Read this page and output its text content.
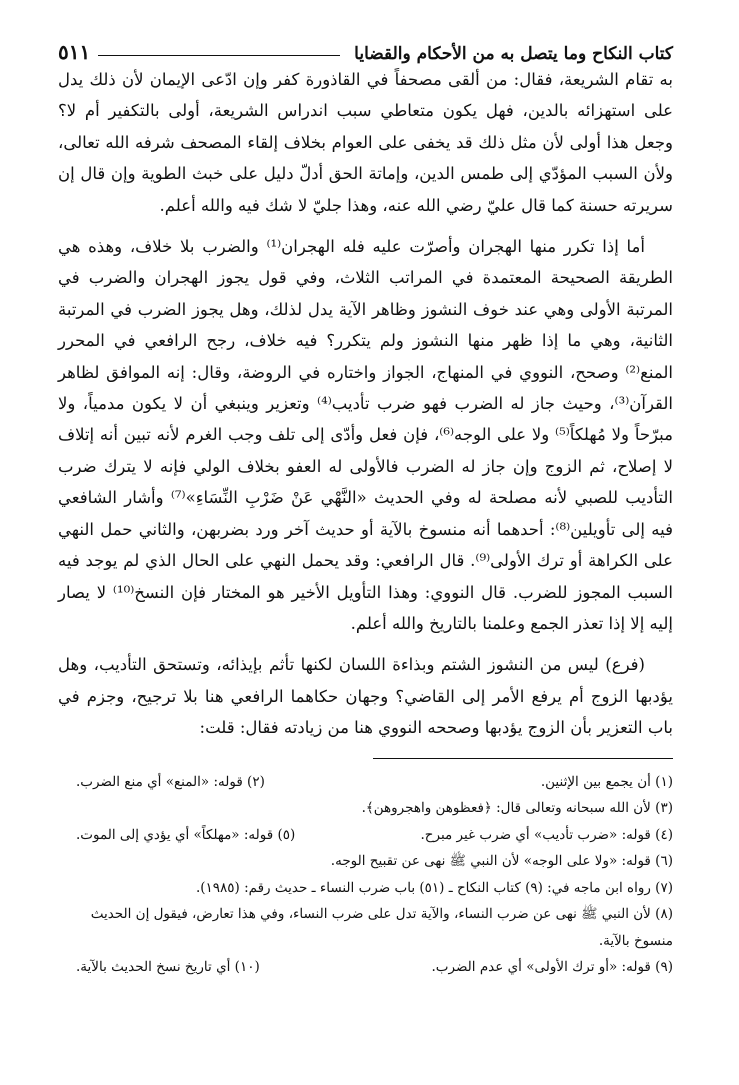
كتاب النكاح وما يتصل به من الأحكام والقضايا
٥١١

به تقام الشريعة، فقال: من ألقى مصحفاً في القاذورة كفر وإن ادّعى الإيمان لأن ذلك يدل على استهزائه بالدين، فهل يكون متعاطي سبب اندراس الشريعة، أولى بالتكفير أم لا؟ وجعل هذا أولى لأن مثل ذلك قد يخفى على العوام بخلاف إلقاء المصحف شرفه الله تعالى، ولأن السبب المؤدّي إلى طمس الدين، وإماتة الحق أدلّ دليل على خبث الطوية وإن قال إن سريرته حسنة كما قال عليّ رضي الله عنه، وهذا جليّ لا شك فيه والله أعلم.

أما إذا تكرر منها الهجران وأصرّت عليه فله الهجران⁽¹⁾ والضرب بلا خلاف، وهذه هي الطريقة الصحيحة المعتمدة في المراتب الثلاث، وفي قول يجوز الهجران والضرب في المرتبة الأولى وهي عند خوف النشوز وظاهر الآية يدل لذلك، وهل يجوز الضرب في المرتبة الثانية، وهي ما إذا ظهر منها النشوز ولم يتكرر؟ فيه خلاف، رجح الرافعي في المحرر المنع⁽²⁾ وصحح، النووي في المنهاج، الجواز واختاره في الروضة، وقال: إنه الموافق لظاهر القرآن⁽³⁾، وحيث جاز له الضرب فهو ضرب تأديب⁽⁴⁾ وتعزير وينبغي أن لا يكون مدمياً، ولا مبرّحاً ولا مُهلكاً⁽⁵⁾ ولا على الوجه⁽⁶⁾، فإن فعل وأدّى إلى تلف وجب الغرم لأنه تبين أنه إتلاف لا إصلاح، ثم الزوج وإن جاز له الضرب فالأولى له العفو بخلاف الولي فإنه لا يترك ضرب التأديب للصبي لأنه مصلحة له وفي الحديث «النَّهْي عَنْ ضَرْبِ النِّسَاءِ»⁽⁷⁾ وأشار الشافعي فيه إلى تأويلين⁽⁸⁾: أحدهما أنه منسوخ بالآية أو حديث آخر ورد بضربهن، والثاني حمل النهي على الكراهة أو ترك الأولى⁽⁹⁾. قال الرافعي: وقد يحمل النهي على الحال الذي لم يوجد فيه السبب المجوز للضرب. قال النووي: وهذا التأويل الأخير هو المختار فإن النسخ⁽¹⁰⁾ لا يصار إليه إلا إذا تعذر الجمع وعلمنا بالتاريخ والله أعلم.

(فرع) ليس من النشوز الشتم وبذاءة اللسان لكنها تأثم بإيذائه، وتستحق التأديب، وهل يؤدبها الزوج أم يرفع الأمر إلى القاضي؟ وجهان حكاهما الرافعي هنا بلا ترجيح، وجزم في باب التعزير بأن الزوج يؤدبها وصححه النووي هنا من زيادته فقال: قلت:

(١) أن يجمع بين الإثنين.
(٢) قوله: «المنع» أي منع الضرب.
(٣) لأن الله سبحانه وتعالى قال: ﴿فعظوهن واهجروهن﴾.
(٤) قوله: «ضرب تأديب» أي ضرب غير مبرح.
(٥) قوله: «مهلكاً» أي يؤدي إلى الموت.
(٦) قوله: «ولا على الوجه» لأن النبي ﷺ نهى عن تقبيح الوجه.
(٧) رواه ابن ماجه في: (٩) كتاب النكاح ـ (٥١) باب ضرب النساء ـ حديث رقم: (١٩٨٥).
(٨) لأن النبي ﷺ نهى عن ضرب النساء، والآية تدل على ضرب النساء، وفي هذا تعارض، فيقول إن الحديث منسوخ بالآية.
(٩) قوله: «أو ترك الأولى» أي عدم الضرب.
(١٠) أي تاريخ نسخ الحديث بالآية.
